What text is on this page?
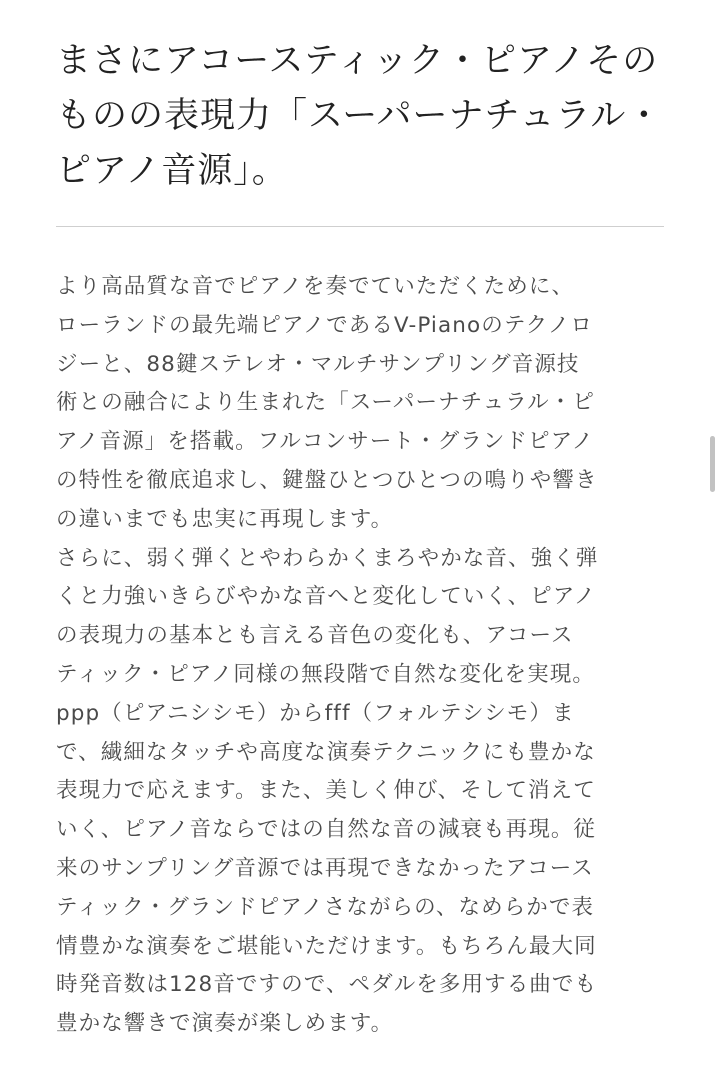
まさにアコースティック・ピアノその
ものの表現力「スーパーナチュラル・
ピアノ音源」。
より高品質な音でピアノを奏でていただくために、
ローランドの最先端ピアノであるV-Pianoのテクノロ
ジーと、88鍵ステレオ・マルチサンプリング音源技
術との融合により生まれた「スーパーナチュラル・ピ
アノ音源」を搭載。フルコンサート・グランドピアノ
の特性を徹底追求し、鍵盤ひとつひとつの鳴りや響き
の違いまでも忠実に再現します。
さらに、弱く弾くとやわらかくまろやかな音、強く弾
くと力強いきらびやかな音へと変化していく、ピアノ
の表現力の基本とも言える音色の変化も、アコース
ティック・ピアノ同様の無段階で自然な変化を実現。
ppp（ピアニシシモ）からfff（フォルテシシモ）ま
で、繊細なタッチや高度な演奏テクニックにも豊かな
表現力で応えます。また、美しく伸び、そして消えて
いく、ピアノ音ならではの自然な音の減衰も再現。従
来のサンプリング音源では再現できなかったアコース
ティック・グランドピアノさながらの、なめらかで表
情豊かな演奏をご堪能いただけます。もちろん最大同
時発音数は128音ですので、ペダルを多用する曲でも
豊かな響きで演奏が楽しめます。
